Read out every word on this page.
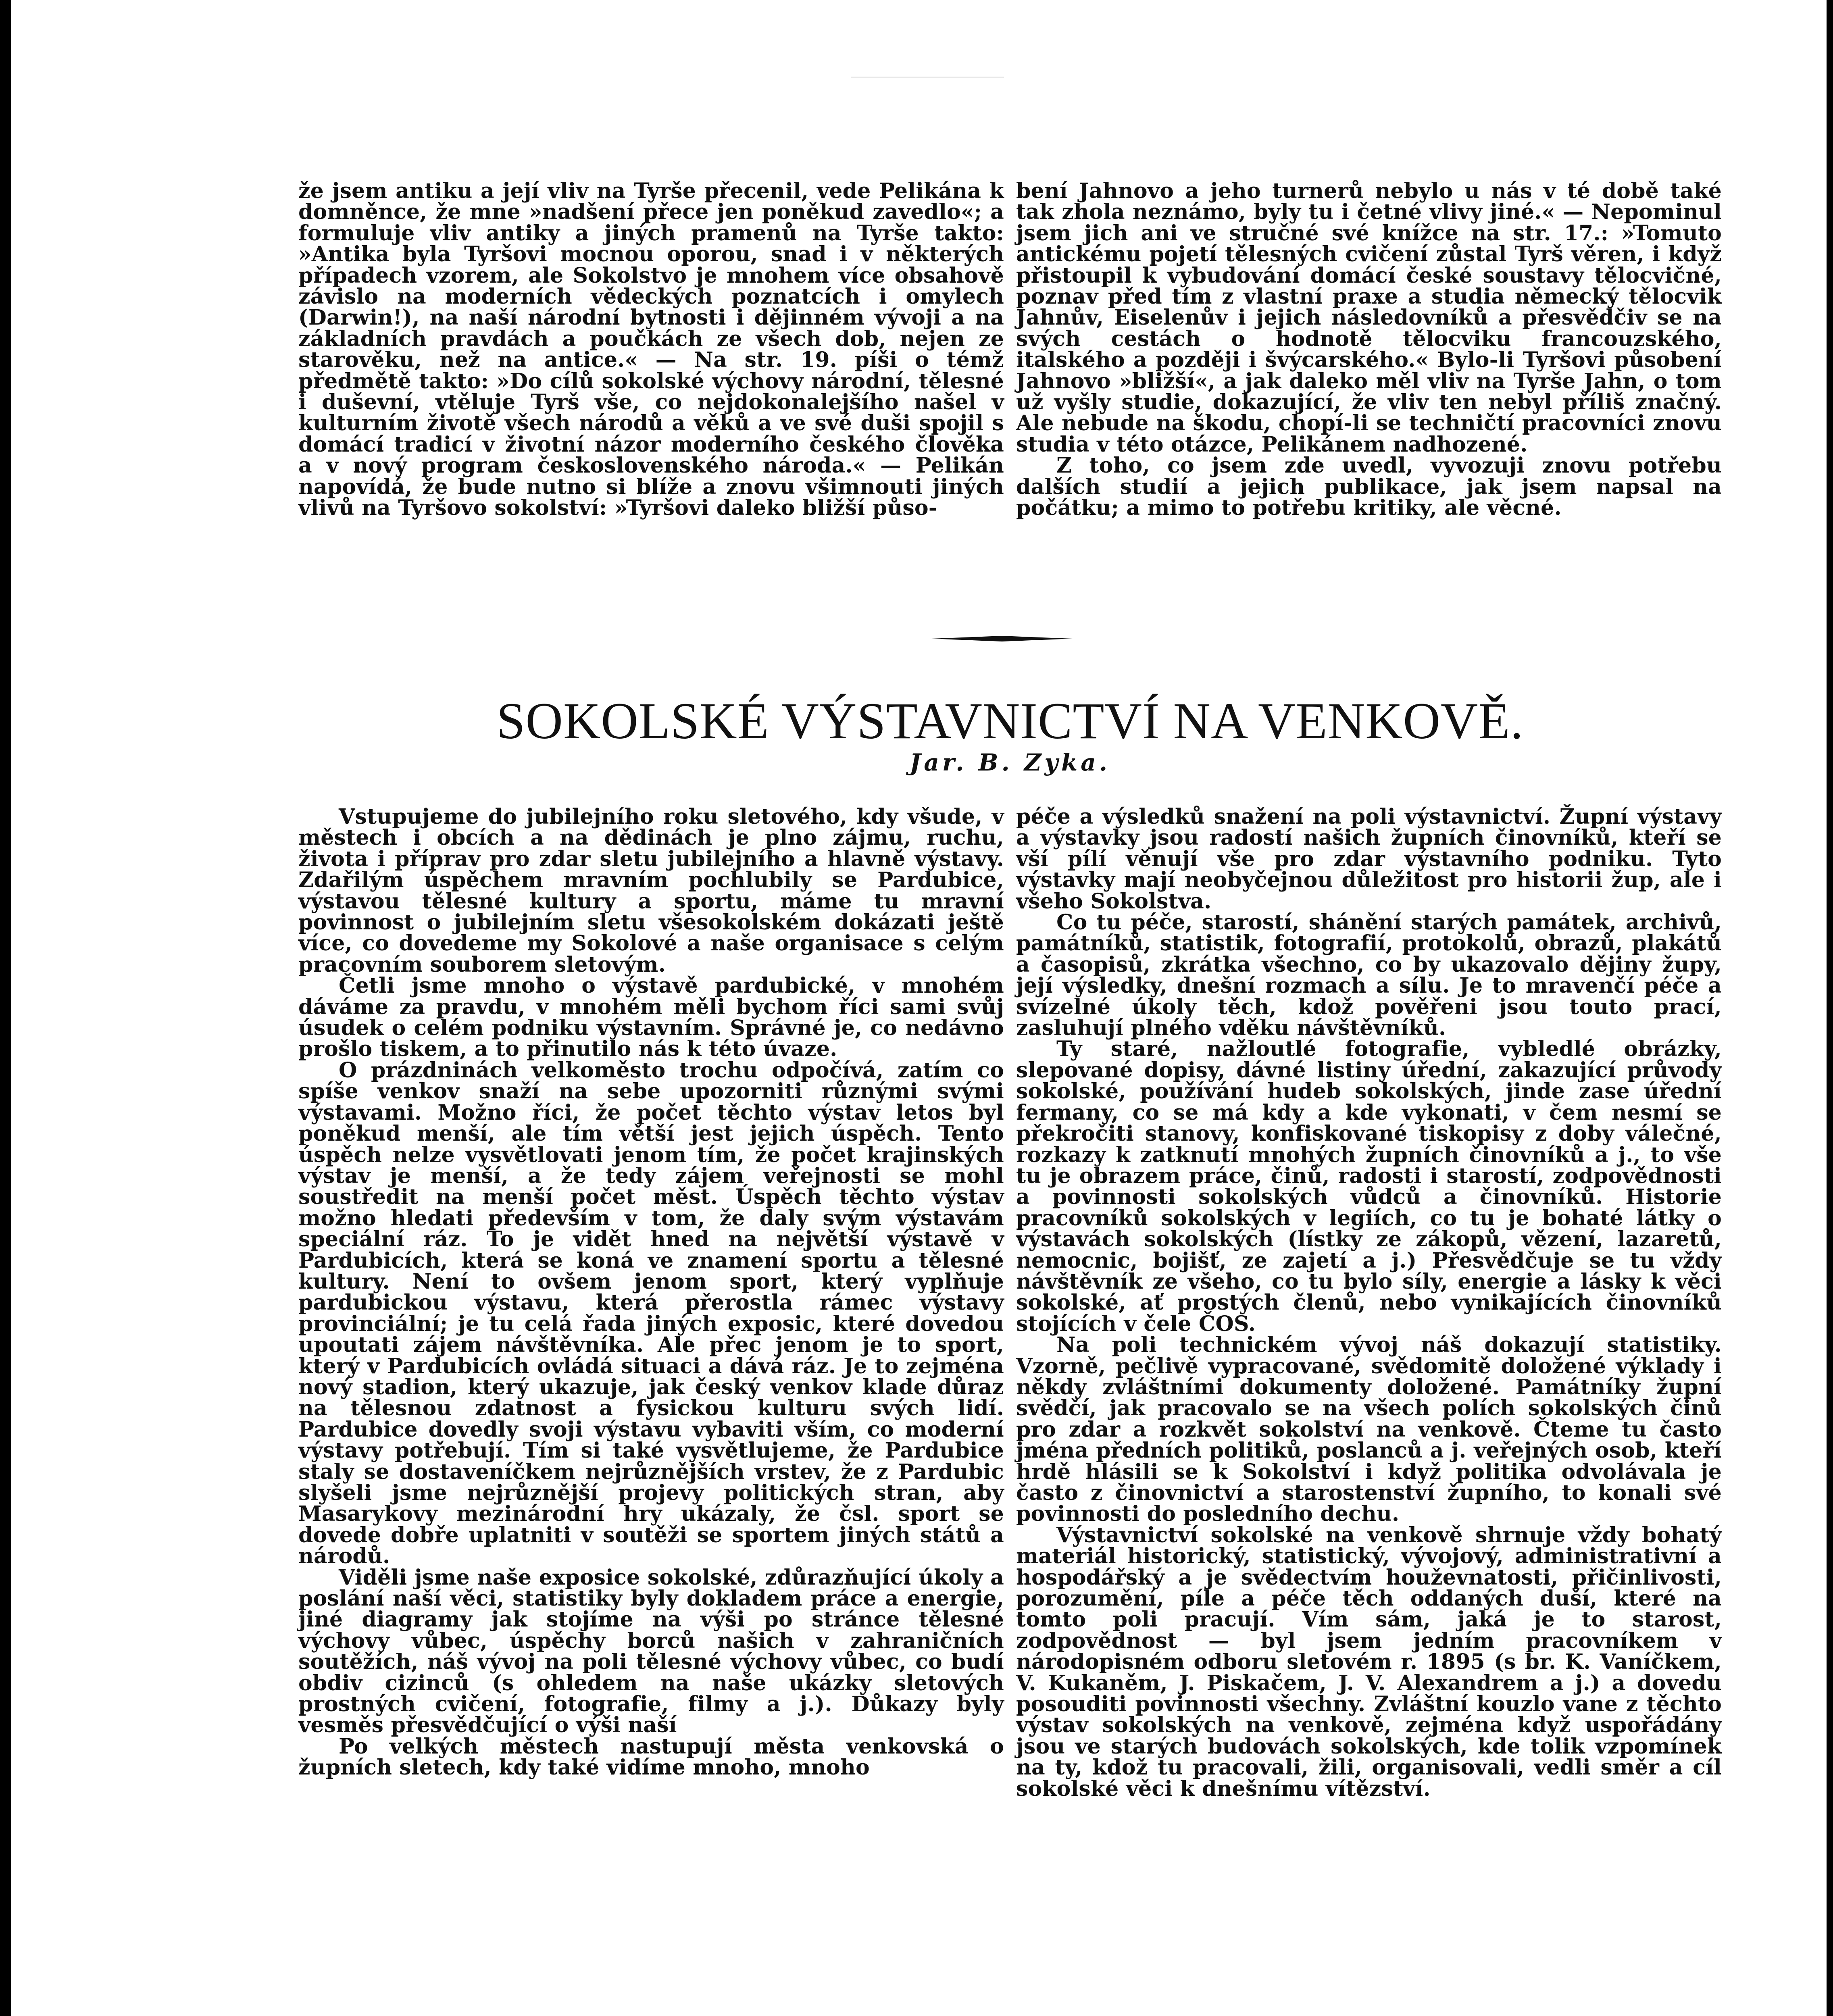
že jsem antiku a její vliv na Tyrše přecenil, vede Pelikána k domněnce, že mne »nadšení přece jen poněkud zavedlo«; a formuluje vliv antiky a jiných pramenů na Tyrše takto: »Antika byla Tyršovi mocnou oporou, snad i v některých případech vzorem, ale Sokolstvo je mnohem více obsahově závislo na moderních vědeckých poznatcích i omylech (Darwin!), na naší národní bytnosti i dějinném vývoji a na základních pravdách a poučkách ze všech dob, nejen ze starověku, než na antice.« — Na str. 19. píši o témž předmětě takto: »Do cílů sokolské výchovy národní, tělesné i duševní, vtěluje Tyrš vše, co nejdokonalejšího našel v kulturním životě všech národů a věků a ve své duši spojil s domácí tradicí v životní názor moderního českého člověka a v nový program československého národa.« — Pelikán napovídá, že bude nutno si blíže a znovu všimnouti jiných vlivů na Tyršovo sokolství: »Tyršovi daleko bližší půso-

bení Jahnovo a jeho turnerů nebylo u nás v té době také tak zhola neznámo, byly tu i četné vlivy jiné.« — Nepominul jsem jich ani ve stručné své knížce na str. 17.: »Tomuto antickému pojetí tělesných cvičení zůstal Tyrš věren, i když přistoupil k vybudování domácí české soustavy tělocvičné, poznav před tím z vlastní praxe a studia německý tělocvik Jahnův, Eiselenův i jejich následovníků a přesvědčiv se na svých cestách o hodnotě tělocviku francouzského, italského a později i švýcarského.« Bylo-li Tyršovi působení Jahnovo »bližší«, a jak daleko měl vliv na Tyrše Jahn, o tom už vyšly studie, dokazující, že vliv ten nebyl příliš značný. Ale nebude na škodu, chopí-li se techničtí pracovníci znovu studia v této otázce, Pelikánem nadhozené.

Z toho, co jsem zde uvedl, vyvozuji znovu potřebu dalších studií a jejich publikace, jak jsem napsal na počátku; a mimo to potřebu kritiky, ale věcné.

SOKOLSKÉ VÝSTAVNICTVÍ NA VENKOVĚ.
Jar. B. Zyka.

Vstupujeme do jubilejního roku sletového, kdy všude, v městech i obcích a na dědinách je plno zájmu, ruchu, života i příprav pro zdar sletu jubilejního a hlavně výstavy. Zdařilým úspěchem mravním pochlubily se Pardubice, výstavou tělesné kultury a sportu, máme tu mravní povinnost o jubilejním sletu všesokolském dokázati ještě více, co dovedeme my Sokolové a naše organisace s celým pracovním souborem sletovým.

Četli jsme mnoho o výstavě pardubické, v mnohém dáváme za pravdu, v mnohém měli bychom říci sami svůj úsudek o celém podniku výstavním. Správné je, co nedávno prošlo tiskem, a to přinutilo nás k této úvaze.

O prázdninách velkoměsto trochu odpočívá, zatím co spíše venkov snaží na sebe upozorniti různými svými výstavami. Možno říci, že počet těchto výstav letos byl poněkud menší, ale tím větší jest jejich úspěch. Tento úspěch nelze vysvětlovati jenom tím, že počet krajinských výstav je menší, a že tedy zájem veřejnosti se mohl soustředit na menší počet měst. Úspěch těchto výstav možno hledati především v tom, že daly svým výstavám speciální ráz. To je vidět hned na největší výstavě v Pardubicích, která se koná ve znamení sportu a tělesné kultury. Není to ovšem jenom sport, který vyplňuje pardubickou výstavu, která přerostla rámec výstavy provinciální; je tu celá řada jiných exposic, které dovedou upoutati zájem návštěvníka. Ale přec jenom je to sport, který v Pardubicích ovládá situaci a dává ráz. Je to zejména nový stadion, který ukazuje, jak český venkov klade důraz na tělesnou zdatnost a fysickou kulturu svých lidí. Pardubice dovedly svoji výstavu vybaviti vším, co moderní výstavy potřebují. Tím si také vysvětlujeme, že Pardubice staly se dostaveníčkem nejrůznějších vrstev, že z Pardubic slyšeli jsme nejrůznější projevy politických stran, aby Masarykovy mezinárodní hry ukázaly, že čsl. sport se dovede dobře uplatniti v soutěži se sportem jiných států a národů.

Viděli jsme naše exposice sokolské, zdůrazňující úkoly a poslání naší věci, statistiky byly dokladem práce a energie, jiné diagramy jak stojíme na výši po stránce tělesné výchovy vůbec, úspěchy borců našich v zahraničních soutěžích, náš vývoj na poli tělesné výchovy vůbec, co budí obdiv cizinců (s ohledem na naše ukázky sletových prostných cvičení, fotografie, filmy a j.). Důkazy byly vesměs přesvědčující o výši naší

Po velkých městech nastupují města venkovská o župních sletech, kdy také vidíme mnoho, mnoho

péče a výsledků snažení na poli výstavnictví. Župní výstavy a výstavky jsou radostí našich župních činovníků, kteří se vší pílí věnují vše pro zdar výstavního podniku. Tyto výstavky mají neobyčejnou důležitost pro historii žup, ale i všeho Sokolstva.

Co tu péče, starostí, shánění starých památek, archivů, památníků, statistik, fotografií, protokolů, obrazů, plakátů a časopisů, zkrátka všechno, co by ukazovalo dějiny župy, její výsledky, dnešní rozmach a sílu. Je to mravenčí péče a svízelné úkoly těch, kdož pověřeni jsou touto prací, zasluhují plného vděku návštěvníků.

Ty staré, nažloutlé fotografie, vybledlé obrázky, slepované dopisy, dávné listiny úřední, zakazující průvody sokolské, používání hudeb sokolských, jinde zase úřední fermany, co se má kdy a kde vykonati, v čem nesmí se překročiti stanovy, konfiskované tiskopisy z doby válečné, rozkazy k zatknutí mnohých župních činovníků a j., to vše tu je obrazem práce, činů, radosti i starostí, zodpovědnosti a povinnosti sokolských vůdců a činovníků. Historie pracovníků sokolských v legiích, co tu je bohaté látky o výstavách sokolských (lístky ze zákopů, vězení, lazaretů, nemocnic, bojišť, ze zajetí a j.) Přesvědčuje se tu vždy návštěvník ze všeho, co tu bylo síly, energie a lásky k věci sokolské, ať prostých členů, nebo vynikajících činovníků stojících v čele ČOS.

Na poli technickém vývoj náš dokazují statistiky. Vzorně, pečlivě vypracované, svědomitě doložené výklady i někdy zvláštními dokumenty doložené. Památníky župní svědčí, jak pracovalo se na všech polích sokolských činů pro zdar a rozkvět sokolství na venkově. Čteme tu často jména předních politiků, poslanců a j. veřejných osob, kteří hrdě hlásili se k Sokolství i když politika odvolávala je často z činovnictví a starostenství župního, to konali své povinnosti do posledního dechu.

Výstavnictví sokolské na venkově shrnuje vždy bohatý materiál historický, statistický, vývojový, administrativní a hospodářský a je svědectvím houževnatosti, přičinlivosti, porozumění, píle a péče těch oddaných duší, které na tomto poli pracují. Vím sám, jaká je to starost, zodpovědnost — byl jsem jedním pracovníkem v národopisném odboru sletovém r. 1895 (s br. K. Vaníčkem, V. Kukaněm, J. Piskačem, J. V. Alexandrem a j.) a dovedu posouditi povinnosti všechny. Zvláštní kouzlo vane z těchto výstav sokolských na venkově, zejména když uspořádány jsou ve starých budovách sokolských, kde tolik vzpomínek na ty, kdož tu pracovali, žili, organisovali, vedli směr a cíl sokolské věci k dnešnímu vítězství.
